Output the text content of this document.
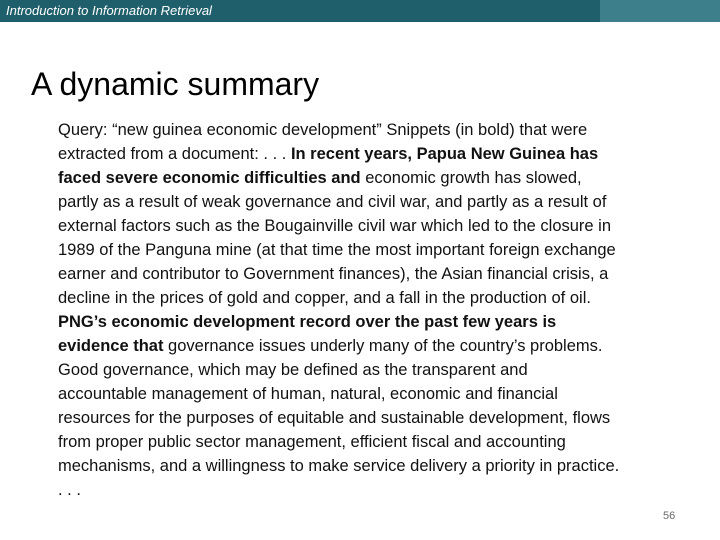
Introduction to Information Retrieval
A dynamic summary
Query: “new guinea economic development” Snippets (in bold) that were extracted from a document: . . . In recent years, Papua New Guinea has faced severe economic difficulties and economic growth has slowed, partly as a result of weak governance and civil war, and partly as a result of external factors such as the Bougainville civil war which led to the closure in 1989 of the Panguna mine (at that time the most important foreign exchange earner and contributor to Government finances), the Asian financial crisis, a decline in the prices of gold and copper, and a fall in the production of oil. PNG’s economic development record over the past few years is evidence that governance issues underly many of the country’s problems. Good governance, which may be defined as the transparent and accountable management of human, natural, economic and financial resources for the purposes of equitable and sustainable development, flows from proper public sector management, efficient fiscal and accounting mechanisms, and a willingness to make service delivery a priority in practice. . . .
56
